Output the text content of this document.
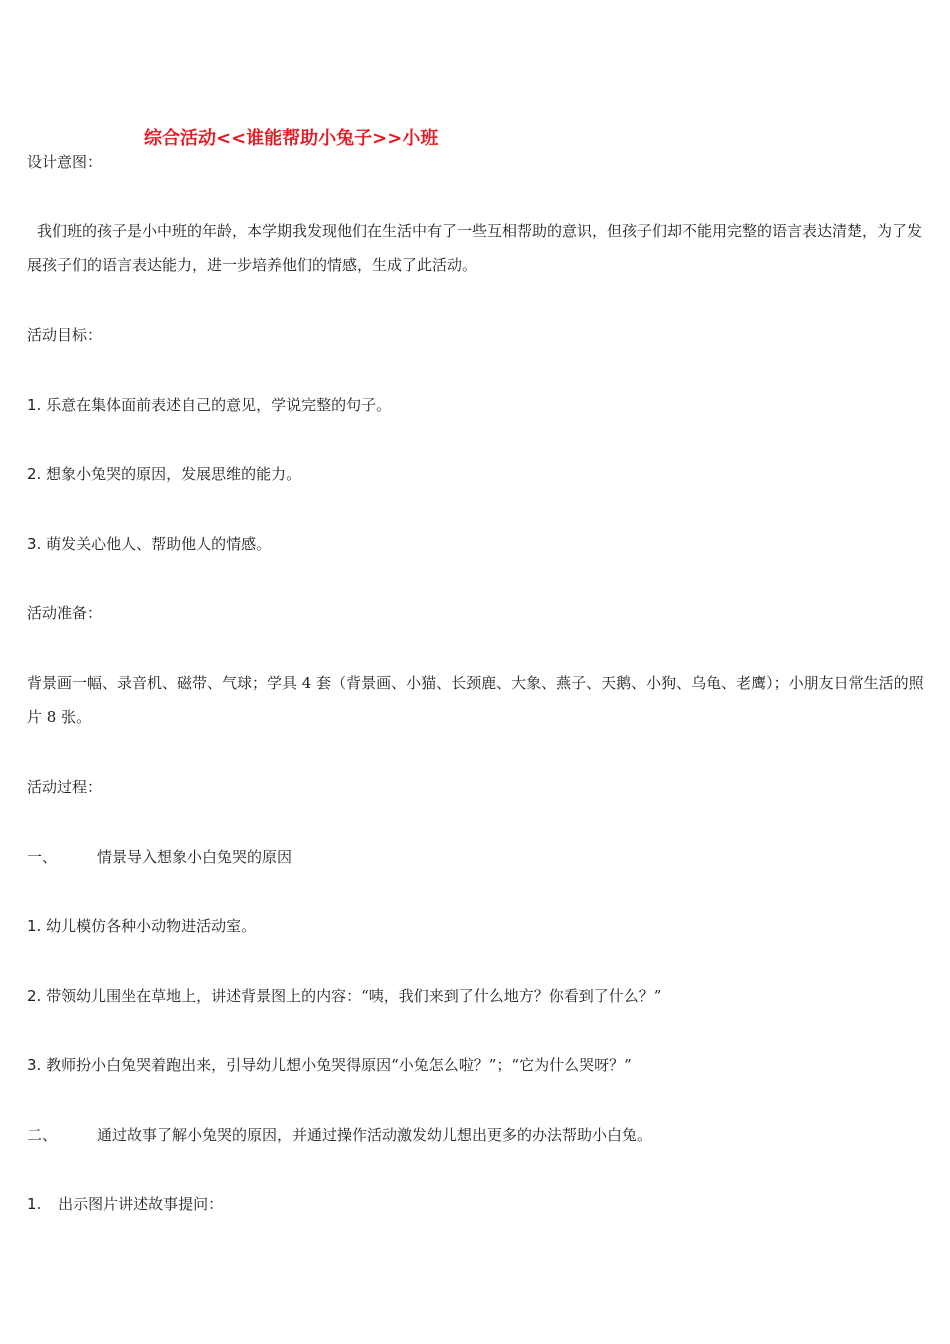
综合活动<<谁能帮助小兔子>>小班
设计意图：
我们班的孩子是小中班的年龄，本学期我发现他们在生活中有了一些互相帮助的意识，但孩子们却不能用完整的语言表达清楚，为了发展孩子们的语言表达能力，进一步培养他们的情感，生成了此活动。
活动目标：
1. 乐意在集体面前表述自己的意见，学说完整的句子。
2. 想象小兔哭的原因，发展思维的能力。
3. 萌发关心他人、帮助他人的情感。
活动准备：
背景画一幅、录音机、磁带、气球；学具 4 套（背景画、小猫、长颈鹿、大象、燕子、天鹅、小狗、乌龟、老鹰）；小朋友日常生活的照片 8 张。
活动过程：
一、	情景导入想象小白兔哭的原因
1. 幼儿模仿各种小动物进活动室。
2. 带领幼儿围坐在草地上，讲述背景图上的内容：“咦，我们来到了什么地方？你看到了什么？”
3. 教师扮小白兔哭着跑出来，引导幼儿想小兔哭得原因“小兔怎么啦？”；“它为什么哭呀？”
二、	通过故事了解小兔哭的原因，并通过操作活动激发幼儿想出更多的办法帮助小白兔。
1. 出示图片讲述故事提问：
